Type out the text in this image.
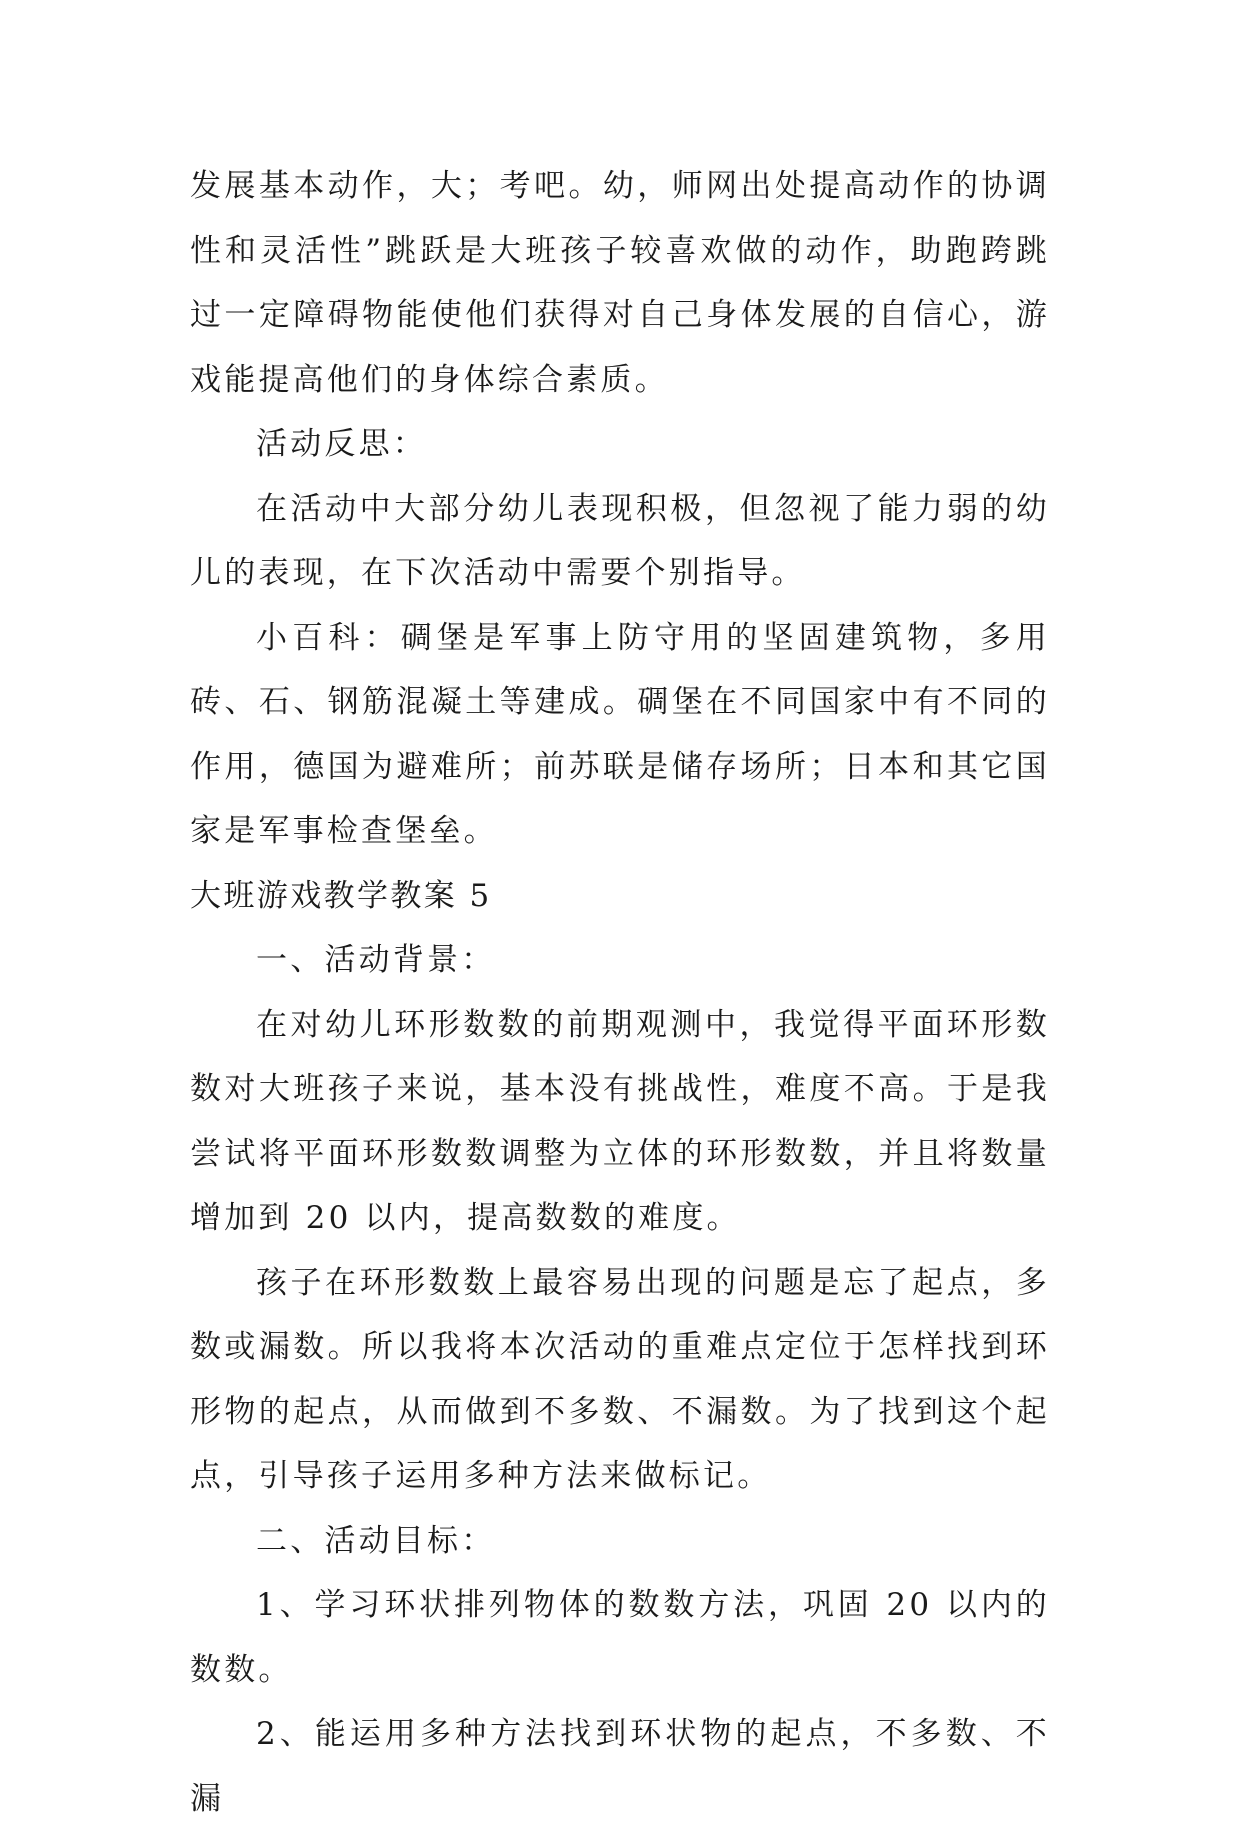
发展基本动作，大；考吧。幼，师网出处提高动作的协调性和灵活性”跳跃是大班孩子较喜欢做的动作，助跑跨跳过一定障碍物能使他们获得对自己身体发展的自信心，游戏能提高他们的身体综合素质。

活动反思：

在活动中大部分幼儿表现积极，但忽视了能力弱的幼儿的表现，在下次活动中需要个别指导。

小百科：碉堡是军事上防守用的坚固建筑物，多用砖、石、钢筋混凝土等建成。碉堡在不同国家中有不同的作用，德国为避难所；前苏联是储存场所；日本和其它国家是军事检查堡垒。

大班游戏教学教案 5

一、活动背景：

在对幼儿环形数数的前期观测中，我觉得平面环形数数对大班孩子来说，基本没有挑战性，难度不高。于是我尝试将平面环形数数调整为立体的环形数数，并且将数量增加到 20 以内，提高数数的难度。

孩子在环形数数上最容易出现的问题是忘了起点，多数或漏数。所以我将本次活动的重难点定位于怎样找到环形物的起点，从而做到不多数、不漏数。为了找到这个起点，引导孩子运用多种方法来做标记。

二、活动目标：

1、学习环状排列物体的数数方法，巩固 20 以内的数数。

2、能运用多种方法找到环状物的起点，不多数、不漏
